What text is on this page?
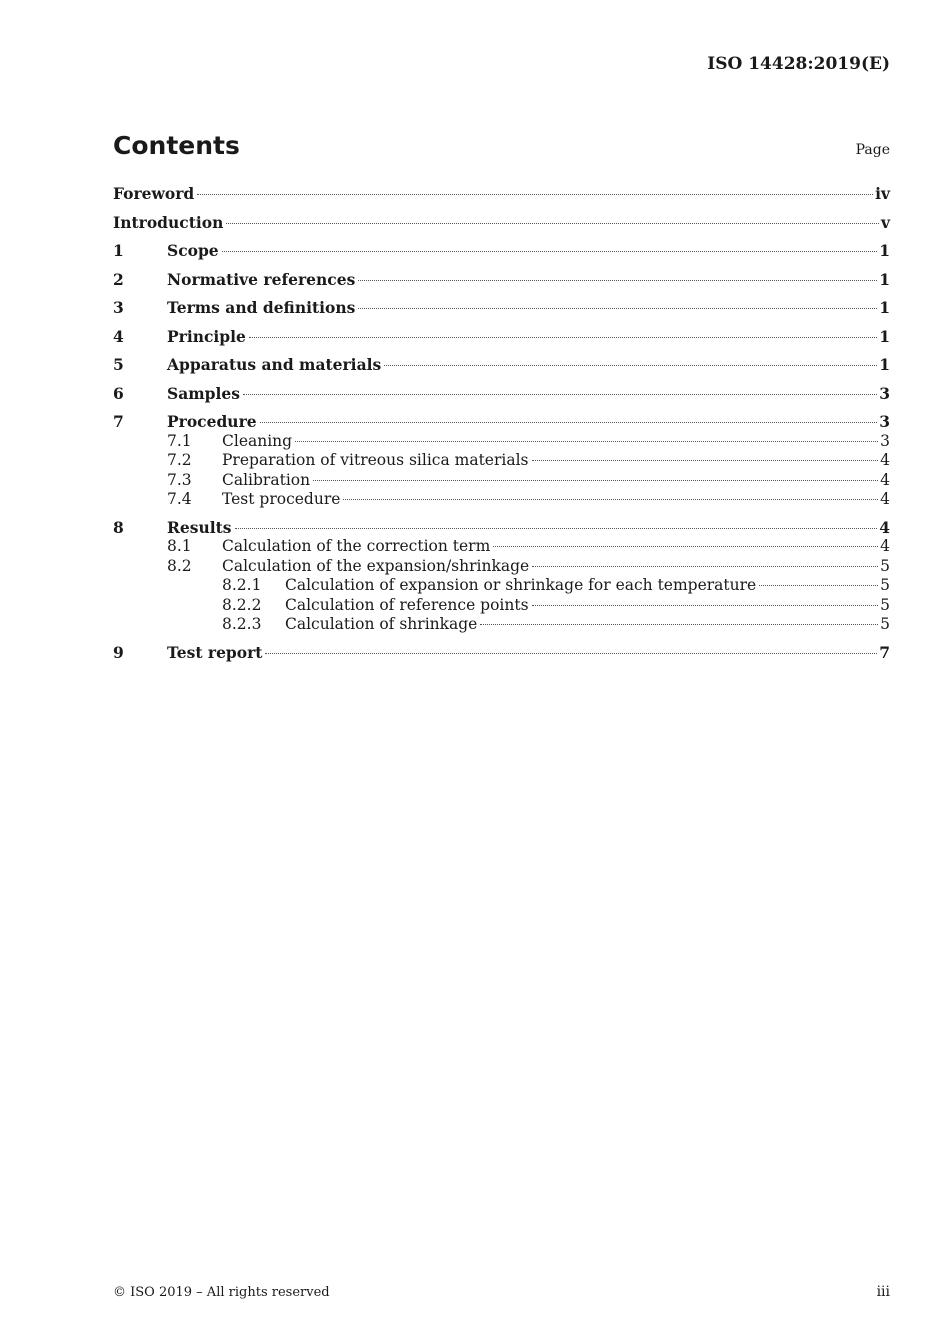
ISO 14428:2019(E)
Contents	Page
Foreword	iv
Introduction	v
1	Scope	1
2	Normative references	1
3	Terms and definitions	1
4	Principle	1
5	Apparatus and materials	1
6	Samples	3
7	Procedure	3
7.1	Cleaning	3
7.2	Preparation of vitreous silica materials	4
7.3	Calibration	4
7.4	Test procedure	4
8	Results	4
8.1	Calculation of the correction term	4
8.2	Calculation of the expansion/shrinkage	5
8.2.1	Calculation of expansion or shrinkage for each temperature	5
8.2.2	Calculation of reference points	5
8.2.3	Calculation of shrinkage	5
9	Test report	7
© ISO 2019 – All rights reserved	iii
